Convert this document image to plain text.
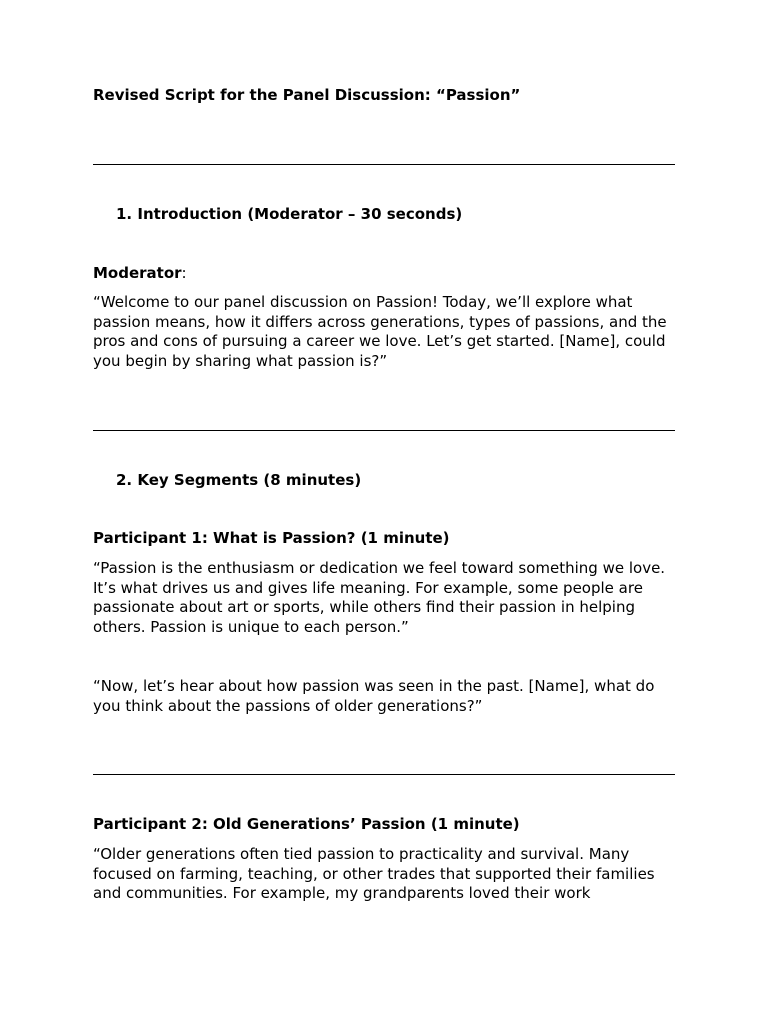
Revised Script for the Panel Discussion: “Passion”

1. Introduction (Moderator – 30 seconds)

Moderator:

“Welcome to our panel discussion on Passion! Today, we’ll explore what passion means, how it differs across generations, types of passions, and the pros and cons of pursuing a career we love. Let’s get started. [Name], could you begin by sharing what passion is?”

2. Key Segments (8 minutes)

Participant 1: What is Passion? (1 minute)

“Passion is the enthusiasm or dedication we feel toward something we love. It’s what drives us and gives life meaning. For example, some people are passionate about art or sports, while others find their passion in helping others. Passion is unique to each person.”

“Now, let’s hear about how passion was seen in the past. [Name], what do you think about the passions of older generations?”

Participant 2: Old Generations’ Passion (1 minute)

“Older generations often tied passion to practicality and survival. Many focused on farming, teaching, or other trades that supported their families and communities. For example, my grandparents loved their work
